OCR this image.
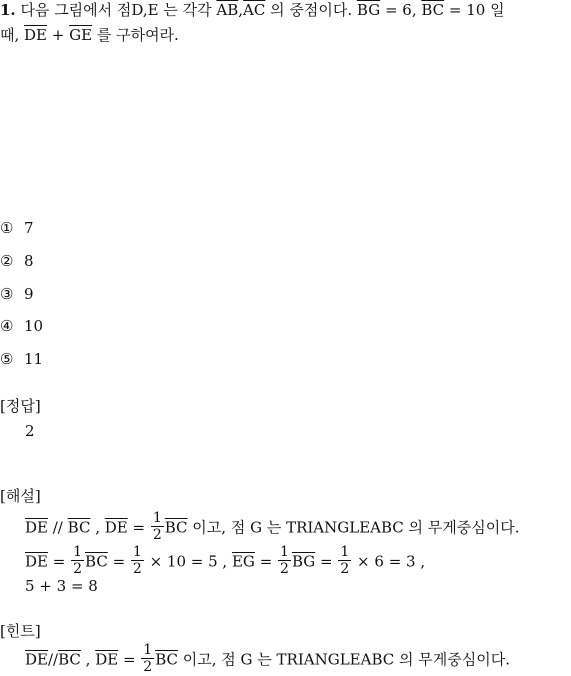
1. 다음 그림에서 점D,E 는 각각 $\overline{AB},\overline{AC}$ 의 중점이다. $\overline{BG} = 6$, $\overline{BC} = 10$ 일
때, $\overline{DE} + \overline{GE}$ 를 구하여라.
① 7
② 8
③ 9
④ 10
⑤ 11
[정답]
2
[해설]
$\overline{DE} // \overline{BC}$ , $\overline{DE} = \frac{1}{2} \overline{BC}$ 이고, 점 G 는 TRIANGLEABC 의 무게중심이다.
$\overline{DE} = \frac{1}{2} \overline{BC} = \frac{1}{2} \times 10 = 5$ , $\overline{EG} = \frac{1}{2} \overline{BG} = \frac{1}{2} \times 6 = 3$ ,
5 + 3 = 8
[힌트]
$\overline{DE}//\overline{BC}$ , $\overline{DE} = \frac{1}{2} \overline{BC}$ 이고, 점 G 는 TRIANGLEABC 의 무게중심이다.
